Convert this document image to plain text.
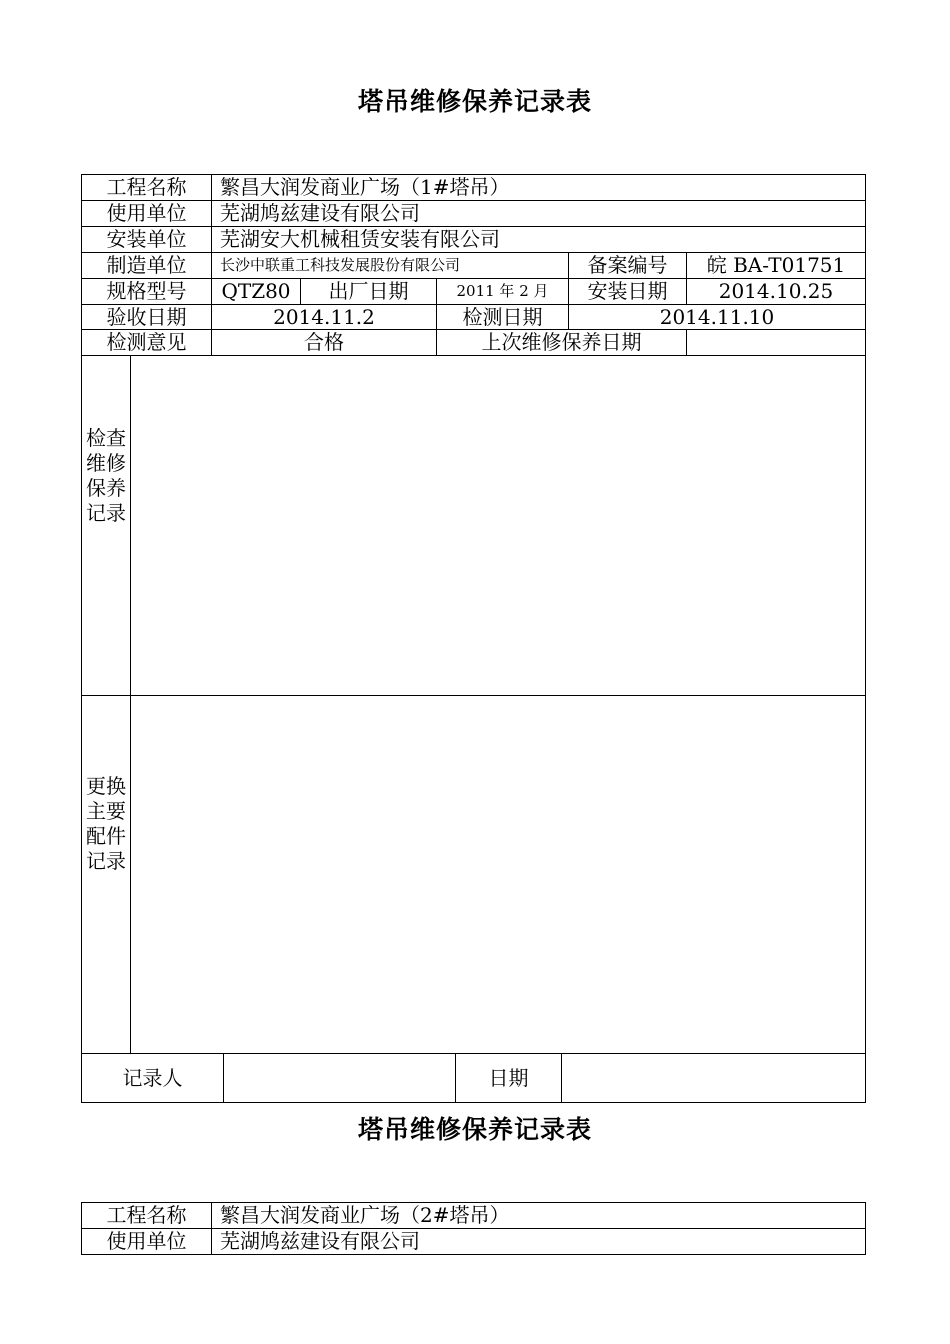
塔吊维修保养记录表
工程名称	繁昌大润发商业广场（1#塔吊）
使用单位	芜湖鸠兹建设有限公司
安装单位	芜湖安大机械租赁安装有限公司
制造单位	长沙中联重工科技发展股份有限公司	备案编号	皖 BA-T01751
规格型号	QTZ80	出厂日期	2011 年 2 月	安装日期	2014.10.25
验收日期	2014.11.2	检测日期	2014.11.10
检测意见	合格	上次维修保养日期
检查维修保养记录
更换主要配件记录
记录人	日期
塔吊维修保养记录表
工程名称	繁昌大润发商业广场（2#塔吊）
使用单位	芜湖鸠兹建设有限公司
